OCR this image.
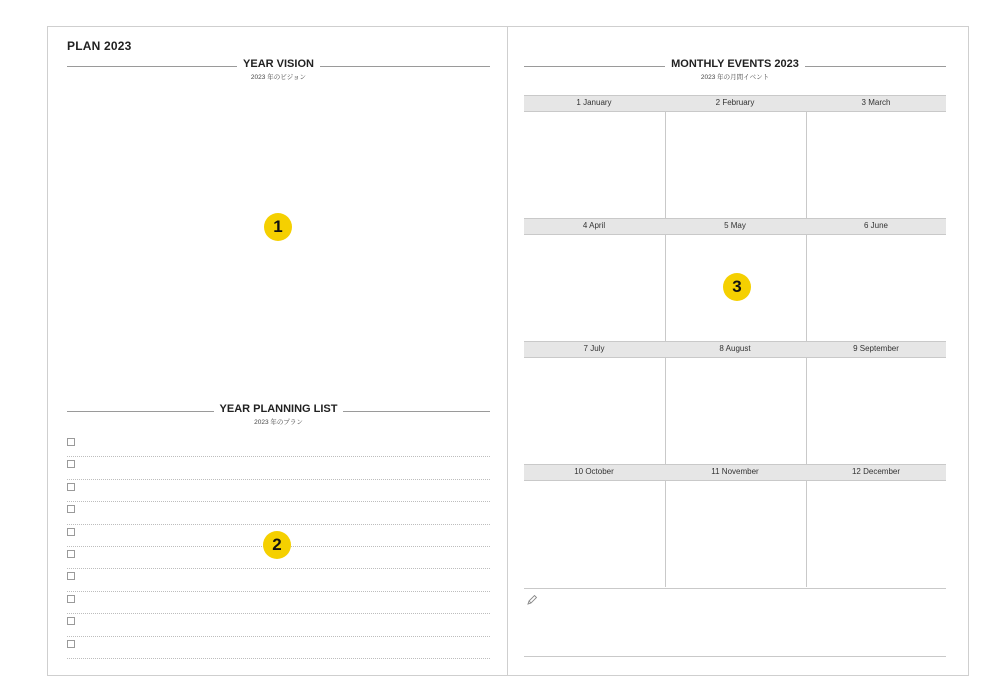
PLAN 2023
YEAR VISION
2023 年のビジョン
1
YEAR PLANNING LIST
2023 年のプラン
2
MONTHLY EVENTS 2023
2023 年の月間イベント
1 January	2 February	3 March
4 April	5 May	6 June
7 July	8 August	9 September
10 October	11 November	12 December
3
